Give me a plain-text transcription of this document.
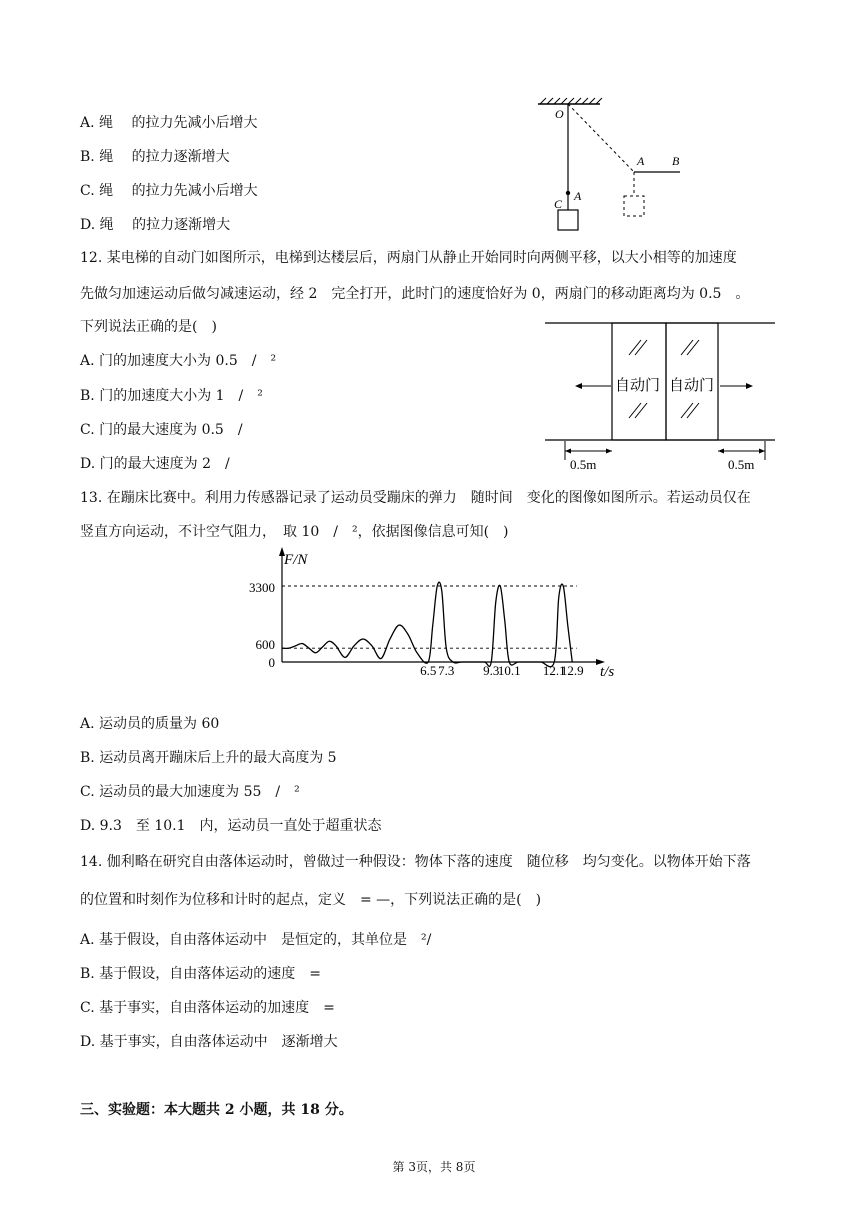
A. 绳　 的拉力先减小后增大
B. 绳　 的拉力逐渐增大
C. 绳　 的拉力先减小后增大
D. 绳　 的拉力逐渐增大
O
A
C
A B
12. 某电梯的自动门如图所示，电梯到达楼层后，两扇门从静止开始同时向两侧平移，以大小相等的加速度
先做匀加速运动后做匀减速运动，经 2　完全打开，此时门的速度恰好为 0，两扇门的移动距离均为 0.5　。
下列说法正确的是(　)
A. 门的加速度大小为 0.5　/　²
B. 门的加速度大小为 1　/　²
C. 门的最大速度为 0.5　/
D. 门的最大速度为 2　/
自动门 自动门
0.5m	0.5m
13. 在蹦床比赛中。利用力传感器记录了运动员受蹦床的弹力　随时间　变化的图像如图所示。若运动员仅在
竖直方向运动，不计空气阻力，　取 10　/　²，依据图像信息可知(　)
F/N
t/s
3300
600
0
6.5 7.3 9.3
10.1 12.1
12.9
A. 运动员的质量为 60
B. 运动员离开蹦床后上升的最大高度为 5
C. 运动员的最大加速度为 55　/　²
D. 9.3　至 10.1　内，运动员一直处于超重状态
14. 伽利略在研究自由落体运动时，曾做过一种假设：物体下落的速度　随位移　均匀变化。以物体开始下落
的位置和时刻作为位移和计时的起点，定义　= —，下列说法正确的是(　)
A. 基于假设，自由落体运动中　是恒定的，其单位是　²/
B. 基于假设，自由落体运动的速度　=
C. 基于事实，自由落体运动的加速度　=
D. 基于事实，自由落体运动中　逐渐增大
三、实验题：本大题共 2 小题，共 18 分。
第 3页，共 8页
